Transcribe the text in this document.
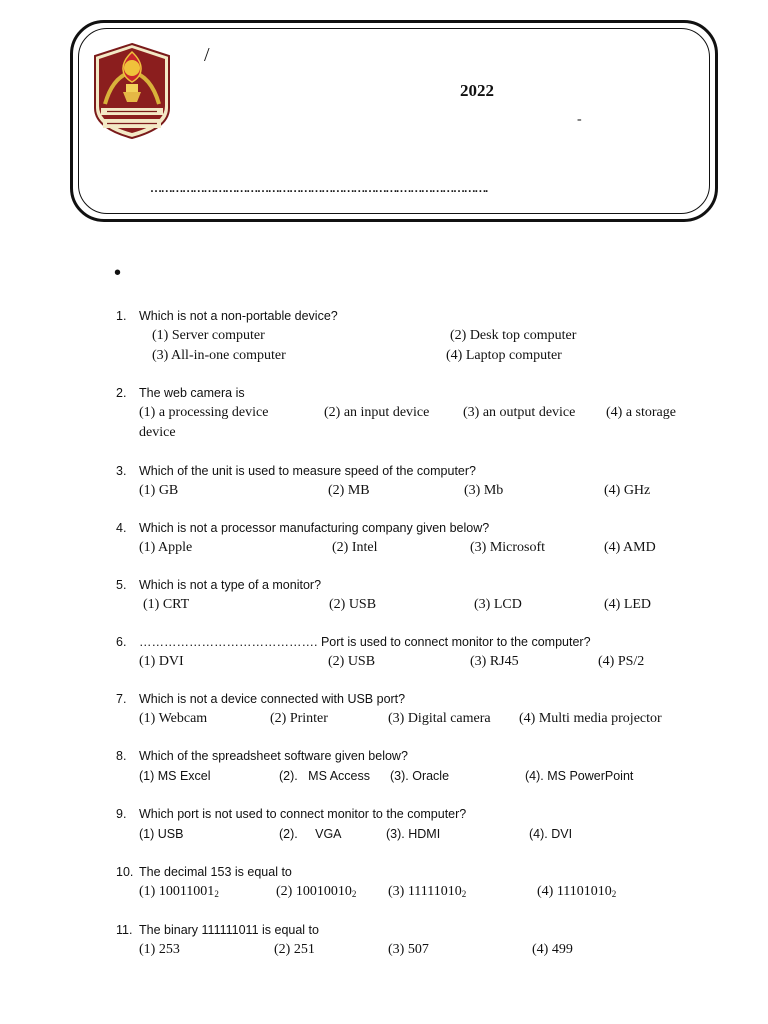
/
2022
-
……………………………………………………………. …………………….
•
1. Which is not a non-portable device?
(1) Server computer	(2) Desk top computer
(3) All-in-one computer	(4) Laptop computer
2. The web camera is
(1) a processing device	(2) an input device (3) an output device (4) a storage
device
3. Which of the unit is used to measure speed of the computer?
(1) GB	(2) MB	(3) Mb	(4) GHz
4. Which is not a processor manufacturing company given below?
(1) Apple	(2) Intel	(3) Microsoft	(4) AMD
5. Which is not a type of a monitor?
(1) CRT	(2) USB	(3) LCD	(4) LED
6. ……………………………………. Port is used to connect monitor to the computer?
(1) DVI	(2) USB	(3) RJ45	(4) PS/2
7. Which is not a device connected with USB port?
(1) Webcam	(2) Printer	(3) Digital camera (4) Multi media projector
8. Which of the spreadsheet software given below?
(1) MS Excel	(2).   MS Access (3). Oracle	(4). MS PowerPoint
9. Which port is not used to connect monitor to the computer?
(1) USB	(2).     VGA	(3). HDMI	(4). DVI
10. The decimal 153 is equal to
(1) $10011001_2$	(2) $10010010_2$ (3) $11111010_2$	(4) $11101010_2$
11. The binary 111111011 is equal to
(1) 253	(2) 251	(3) 507	(4) 499
